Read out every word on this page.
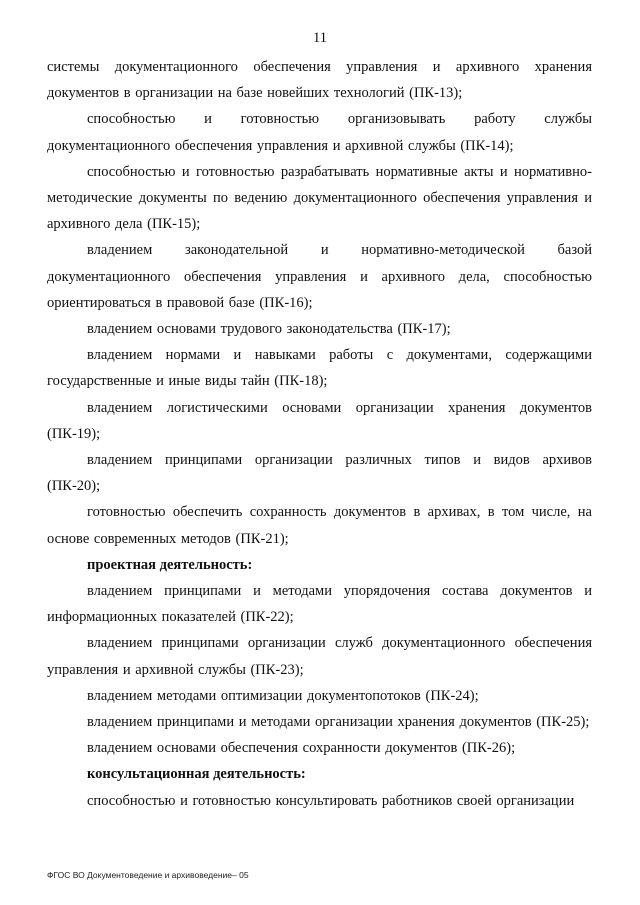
11

системы документационного обеспечения управления и архивного хранения документов в организации на базе новейших технологий (ПК-13);

способностью и готовностью организовывать работу службы документационного обеспечения управления и архивной службы (ПК-14);

способностью и готовностью разрабатывать нормативные акты и нормативно-методические документы по ведению документационного обеспечения управления и архивного дела (ПК-15);

владением законодательной и нормативно-методической базой документационного обеспечения управления и архивного дела, способностью ориентироваться в правовой базе (ПК-16);

владением основами трудового законодательства (ПК-17);

владением нормами и навыками работы с документами, содержащими государственные и иные виды тайн (ПК-18);

владением логистическими основами организации хранения документов (ПК-19);

владением принципами организации различных типов и видов архивов (ПК-20);

готовностью обеспечить сохранность документов в архивах, в том числе, на основе современных методов (ПК-21);

проектная деятельность:

владением принципами и методами упорядочения состава документов и информационных показателей (ПК-22);

владением принципами организации служб документационного обеспечения управления и архивной службы (ПК-23);

владением методами оптимизации документопотоков (ПК-24);

владением принципами и методами организации хранения документов (ПК-25);

владением основами обеспечения сохранности документов (ПК-26);

консультационная деятельность:

способностью и готовностью консультировать работников своей организации

ФГОС ВО Документоведение и архивоведение– 05
